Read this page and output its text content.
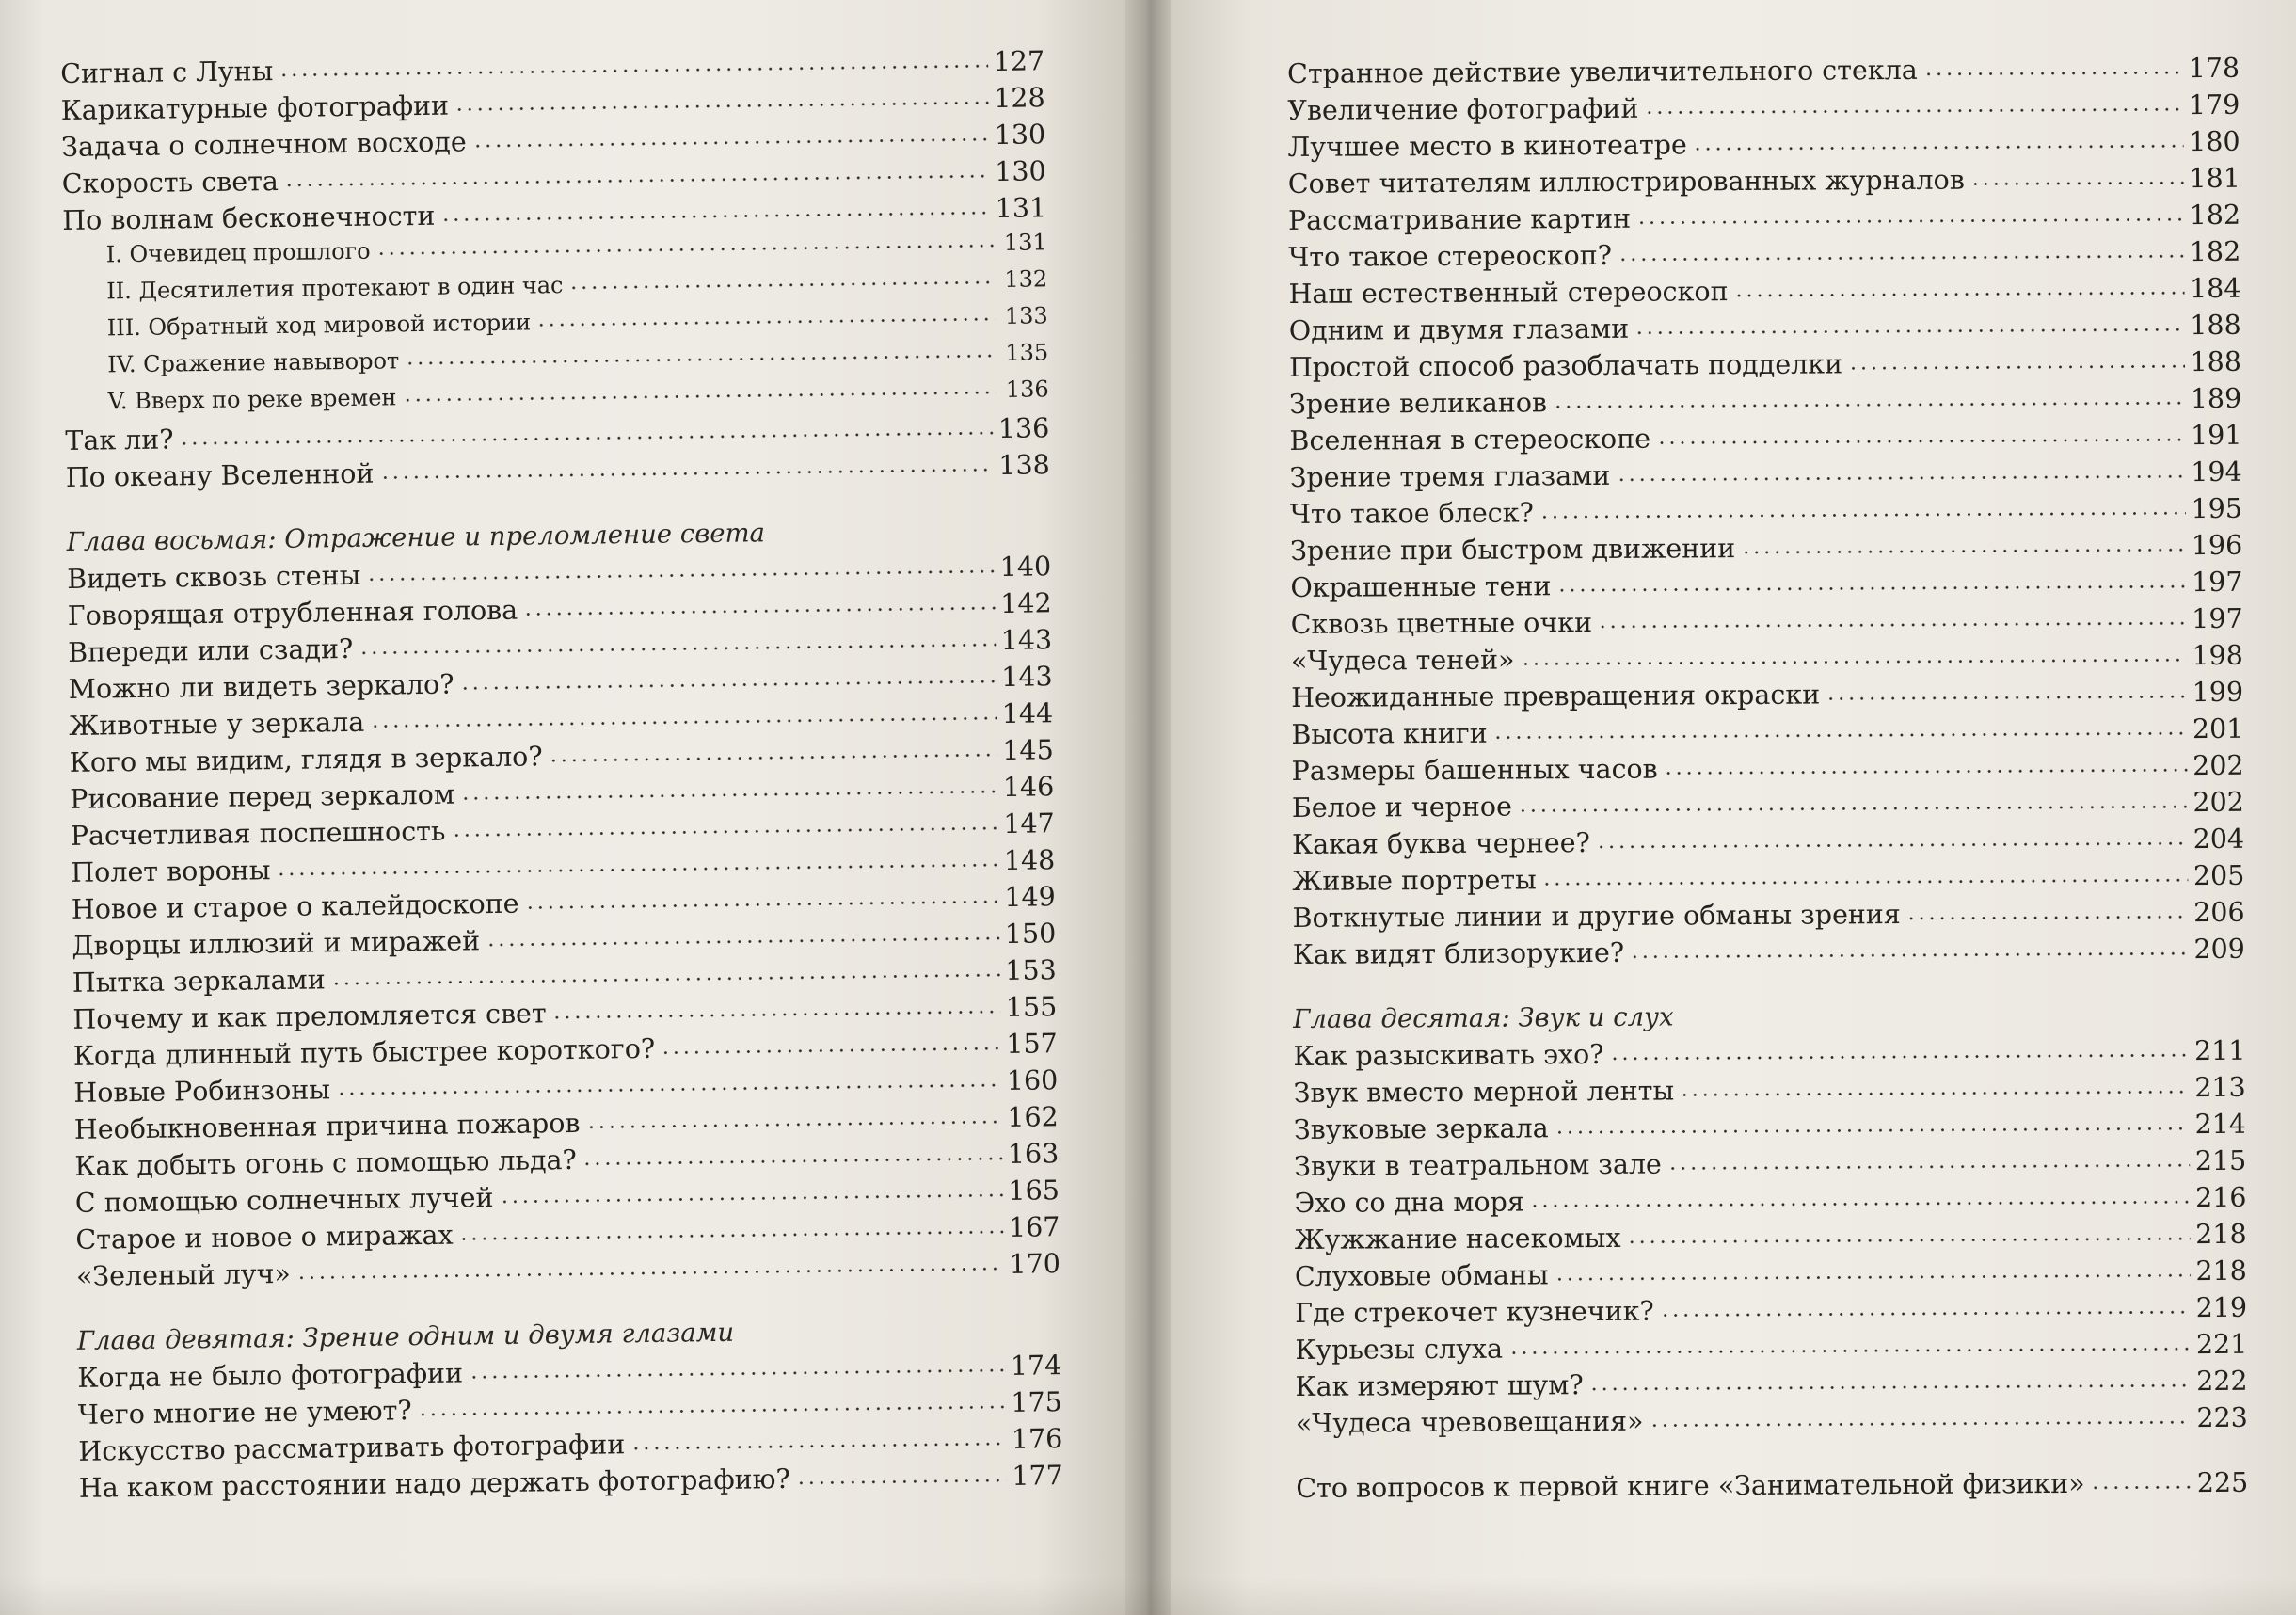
Сигнал с Луны	127
Карикатурные фотографии	128
Задача о солнечном восходе	130
Скорость света	130
По волнам бесконечности	131
I. Очевидец прошлого	131
II. Десятилетия протекают в один час	132
III. Обратный ход мировой истории	133
IV. Сражение навыворот	135
V. Вверх по реке времен	136
Так ли?	136
По океану Вселенной	138
Глава восьмая: Отражение и преломление света
Видеть сквозь стены	140
Говорящая отрубленная голова	142
Впереди или сзади?	143
Можно ли видеть зеркало?	143
Животные у зеркала	144
Кого мы видим, глядя в зеркало?	145
Рисование перед зеркалом	146
Расчетливая поспешность	147
Полет вороны	148
Новое и старое о калейдоскопе	149
Дворцы иллюзий и миражей	150
Пытка зеркалами	153
Почему и как преломляется свет	155
Когда длинный путь быстрее короткого?	157
Новые Робинзоны	160
Необыкновенная причина пожаров	162
Как добыть огонь с помощью льда?	163
С помощью солнечных лучей	165
Старое и новое о миражах	167
«Зеленый луч»	170
Глава девятая: Зрение одним и двумя глазами
Когда не было фотографии	174
Чего многие не умеют?	175
Искусство рассматривать фотографии	176
На каком расстоянии надо держать фотографию?	177
Странное действие увеличительного стекла	178
Увеличение фотографий	179
Лучшее место в кинотеатре	180
Совет читателям иллюстрированных журналов	181
Рассматривание картин	182
Что такое стереоскоп?	182
Наш естественный стереоскоп	184
Одним и двумя глазами	188
Простой способ разоблачать подделки	188
Зрение великанов	189
Вселенная в стереоскопе	191
Зрение тремя глазами	194
Что такое блеск?	195
Зрение при быстром движении	196
Окрашенные тени	197
Сквозь цветные очки	197
«Чудеса теней»	198
Неожиданные превращения окраски	199
Высота книги	201
Размеры башенных часов	202
Белое и черное	202
Какая буква чернее?	204
Живые портреты	205
Воткнутые линии и другие обманы зрения	206
Как видят близорукие?	209
Глава десятая: Звук и слух
Как разыскивать эхо?	211
Звук вместо мерной ленты	213
Звуковые зеркала	214
Звуки в театральном зале	215
Эхо со дна моря	216
Жужжание насекомых	218
Слуховые обманы	218
Где стрекочет кузнечик?	219
Курьезы слуха	221
Как измеряют шум?	222
«Чудеса чревовещания»	223
Сто вопросов к первой книге «Занимательной физики»	225
